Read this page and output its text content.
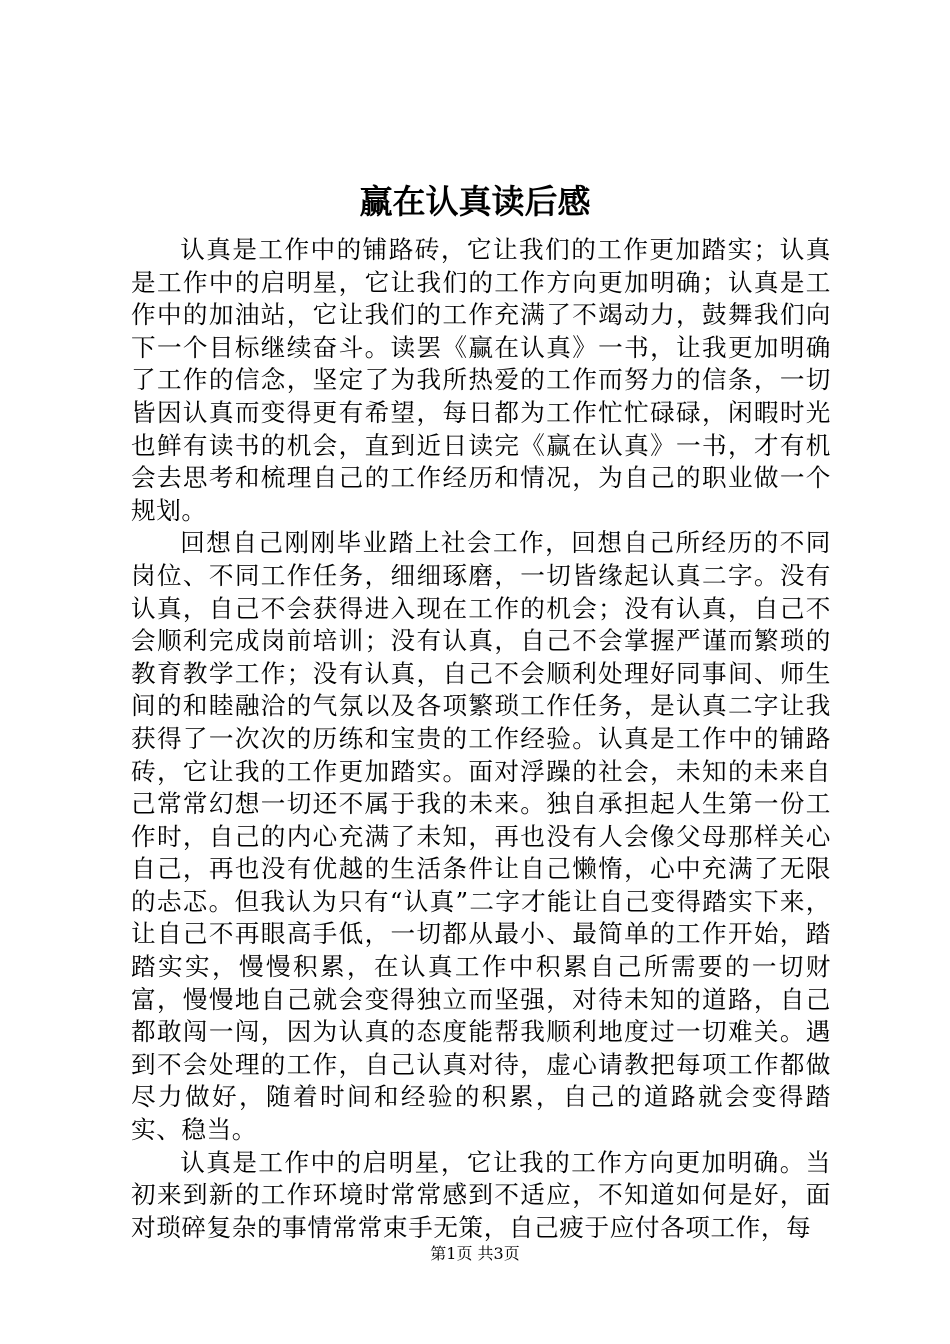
赢在认真读后感

认真是工作中的铺路砖，它让我们的工作更加踏实；认真是工作中的启明星，它让我们的工作方向更加明确；认真是工作中的加油站，它让我们的工作充满了不竭动力，鼓舞我们向下一个目标继续奋斗。读罢《赢在认真》一书，让我更加明确了工作的信念，坚定了为我所热爱的工作而努力的信条，一切皆因认真而变得更有希望，每日都为工作忙忙碌碌，闲暇时光也鲜有读书的机会，直到近日读完《赢在认真》一书，才有机会去思考和梳理自己的工作经历和情况，为自己的职业做一个规划。

回想自己刚刚毕业踏上社会工作，回想自己所经历的不同岗位、不同工作任务，细细琢磨，一切皆缘起认真二字。没有认真，自己不会获得进入现在工作的机会；没有认真，自己不会顺利完成岗前培训；没有认真，自己不会掌握严谨而繁琐的教育教学工作；没有认真，自己不会顺利处理好同事间、师生间的和睦融洽的气氛以及各项繁琐工作任务，是认真二字让我获得了一次次的历练和宝贵的工作经验。认真是工作中的铺路砖，它让我的工作更加踏实。面对浮躁的社会，未知的未来自己常常幻想一切还不属于我的未来。独自承担起人生第一份工作时，自己的内心充满了未知，再也没有人会像父母那样关心自己，再也没有优越的生活条件让自己懒惰，心中充满了无限的忐忑。但我认为只有“认真”二字才能让自己变得踏实下来，让自己不再眼高手低，一切都从最小、最简单的工作开始，踏踏实实，慢慢积累，在认真工作中积累自己所需要的一切财富，慢慢地自己就会变得独立而坚强，对待未知的道路，自己都敢闯一闯，因为认真的态度能帮我顺利地度过一切难关。遇到不会处理的工作，自己认真对待，虚心请教把每项工作都做尽力做好，随着时间和经验的积累，自己的道路就会变得踏实、稳当。

认真是工作中的启明星，它让我的工作方向更加明确。当初来到新的工作环境时常常感到不适应，不知道如何是好，面对琐碎复杂的事情常常束手无策，自己疲于应付各项工作，每

第1页 共3页
